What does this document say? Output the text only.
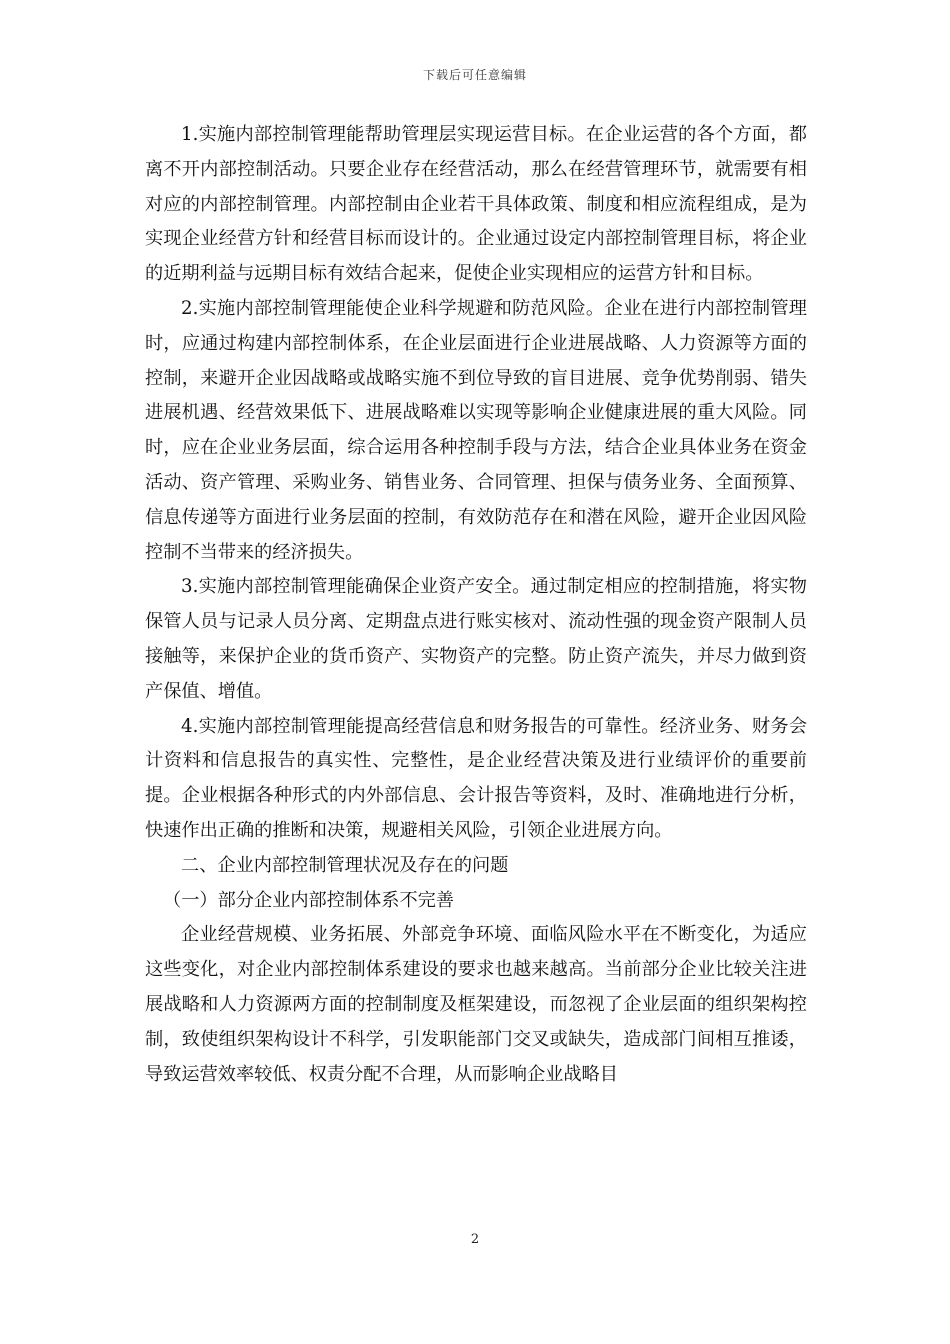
下载后可任意编辑

1.实施内部控制管理能帮助管理层实现运营目标。在企业运营的各个方面，都离不开内部控制活动。只要企业存在经营活动，那么在经营管理环节，就需要有相对应的内部控制管理。内部控制由企业若干具体政策、制度和相应流程组成，是为实现企业经营方针和经营目标而设计的。企业通过设定内部控制管理目标，将企业的近期利益与远期目标有效结合起来，促使企业实现相应的运营方针和目标。

2.实施内部控制管理能使企业科学规避和防范风险。企业在进行内部控制管理时，应通过构建内部控制体系，在企业层面进行企业进展战略、人力资源等方面的控制，来避开企业因战略或战略实施不到位导致的盲目进展、竞争优势削弱、错失进展机遇、经营效果低下、进展战略难以实现等影响企业健康进展的重大风险。同时，应在企业业务层面，综合运用各种控制手段与方法，结合企业具体业务在资金活动、资产管理、采购业务、销售业务、合同管理、担保与债务业务、全面预算、信息传递等方面进行业务层面的控制，有效防范存在和潜在风险，避开企业因风险控制不当带来的经济损失。

3.实施内部控制管理能确保企业资产安全。通过制定相应的控制措施，将实物保管人员与记录人员分离、定期盘点进行账实核对、流动性强的现金资产限制人员接触等，来保护企业的货币资产、实物资产的完整。防止资产流失，并尽力做到资产保值、增值。

4.实施内部控制管理能提高经营信息和财务报告的可靠性。经济业务、财务会计资料和信息报告的真实性、完整性，是企业经营决策及进行业绩评价的重要前提。企业根据各种形式的内外部信息、会计报告等资料，及时、准确地进行分析，快速作出正确的推断和决策，规避相关风险，引领企业进展方向。

二、企业内部控制管理状况及存在的问题

（一）部分企业内部控制体系不完善

企业经营规模、业务拓展、外部竞争环境、面临风险水平在不断变化，为适应这些变化，对企业内部控制体系建设的要求也越来越高。当前部分企业比较关注进展战略和人力资源两方面的控制制度及框架建设，而忽视了企业层面的组织架构控制，致使组织架构设计不科学，引发职能部门交叉或缺失，造成部门间相互推诿，导致运营效率较低、权责分配不合理，从而影响企业战略目

2
